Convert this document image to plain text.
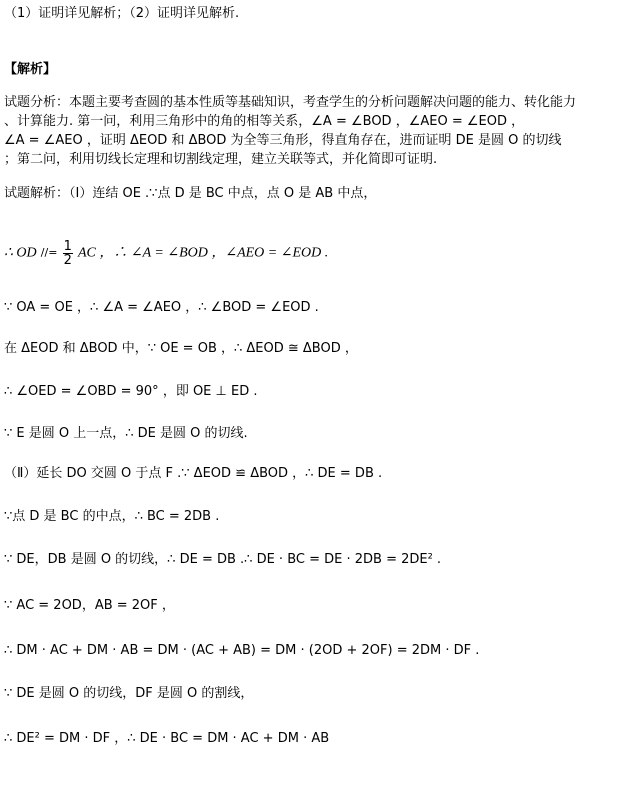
（1）证明详见解析；（2）证明详见解析.
【解析】
试题分析：本题主要考查圆的基本性质等基础知识，考查学生的分析问题解决问题的能力、转化能力
、计算能力. 第一问，利用三角形中的角的相等关系，∠A = ∠BOD ，∠AEO = ∠EOD ，
∠A = ∠AEO ，证明 ΔEOD 和 ΔBOD 为全等三角形，得直角存在，进而证明 DE 是圆 O 的切线
；第二问，利用切线长定理和切割线定理，建立关联等式，并化简即可证明.
试题解析：（Ⅰ）连结 OE .∵点 D 是 BC 中点，点 O 是 AB 中点，
∴ OD //= $\frac{1}{2}$ AC ，∴ ∠A = ∠BOD ，∠AEO = ∠EOD .
∵ OA = OE ，∴ ∠A = ∠AEO ，∴ ∠BOD = ∠EOD .
在 ΔEOD 和 ΔBOD 中，∵ OE = OB ，∴ ΔEOD ≅ ΔBOD ，
∴ ∠OED = ∠OBD = 90° ，即 OE ⊥ ED .
∵ E 是圆 O 上一点，∴ DE 是圆 O 的切线.
（Ⅱ）延长 DO 交圆 O 于点 F .∵ ΔEOD ≌ ΔBOD ，∴ DE = DB .
∵点 D 是 BC 的中点，∴ BC = 2DB .
∵ DE，DB 是圆 O 的切线，∴ DE = DB .∴ DE · BC = DE · 2DB = 2DE² .
∵ AC = 2OD，AB = 2OF ，
∴ DM · AC + DM · AB = DM · (AC + AB) = DM · (2OD + 2OF) = 2DM · DF .
∵ DE 是圆 O 的切线，DF 是圆 O 的割线，
∴ DE² = DM · DF ，∴ DE · BC = DM · AC + DM · AB
